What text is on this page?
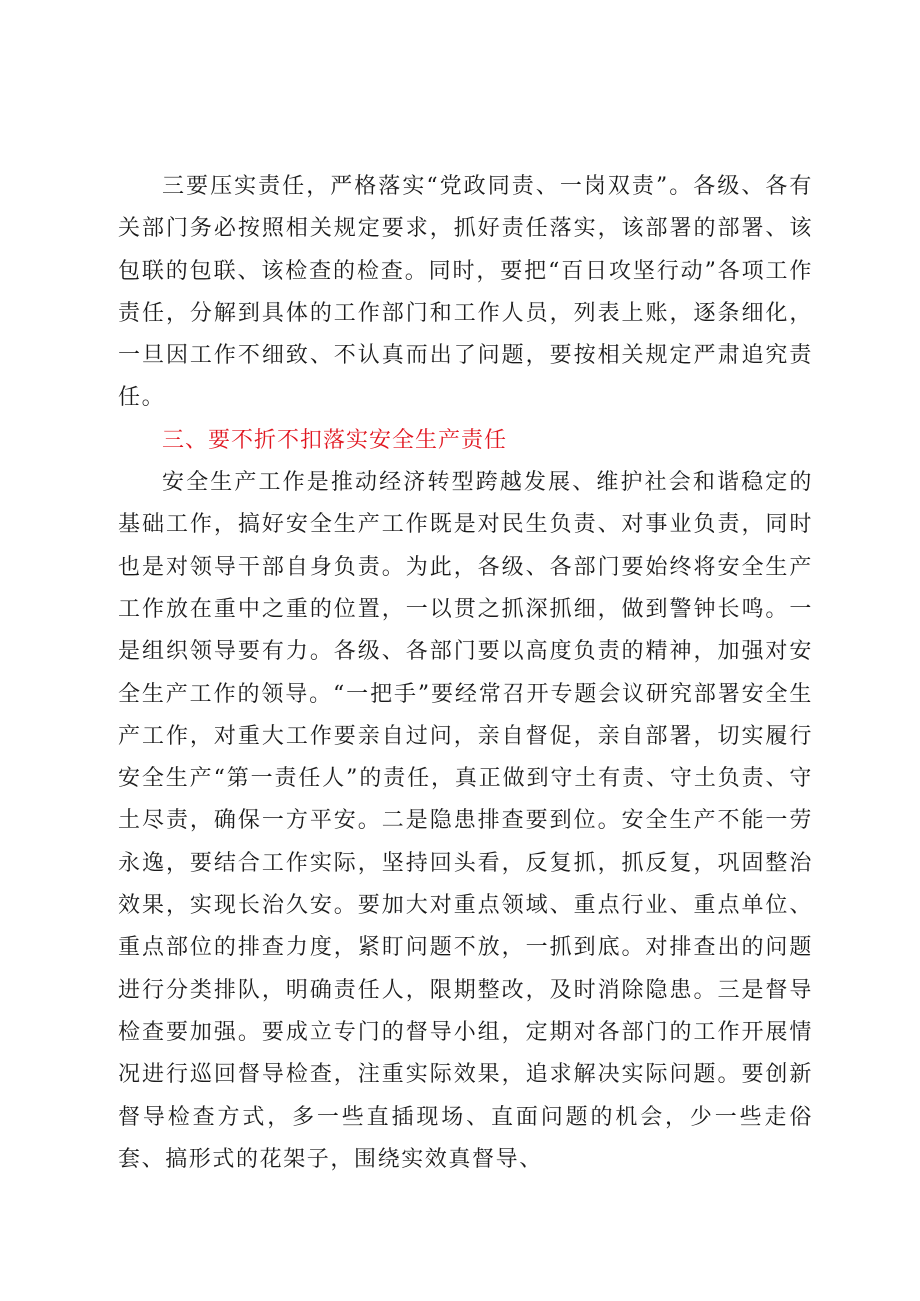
三要压实责任，严格落实“党政同责、一岗双责”。各级、各有关部门务必按照相关规定要求，抓好责任落实，该部署的部署、该包联的包联、该检查的检查。同时，要把“百日攻坚行动”各项工作责任，分解到具体的工作部门和工作人员，列表上账，逐条细化，一旦因工作不细致、不认真而出了问题，要按相关规定严肃追究责任。

三、要不折不扣落实安全生产责任

安全生产工作是推动经济转型跨越发展、维护社会和谐稳定的基础工作，搞好安全生产工作既是对民生负责、对事业负责，同时也是对领导干部自身负责。为此，各级、各部门要始终将安全生产工作放在重中之重的位置，一以贯之抓深抓细，做到警钟长鸣。一是组织领导要有力。各级、各部门要以高度负责的精神，加强对安全生产工作的领导。“一把手”要经常召开专题会议研究部署安全生产工作，对重大工作要亲自过问，亲自督促，亲自部署，切实履行安全生产“第一责任人”的责任，真正做到守土有责、守土负责、守土尽责，确保一方平安。二是隐患排查要到位。安全生产不能一劳永逸，要结合工作实际，坚持回头看，反复抓，抓反复，巩固整治效果，实现长治久安。要加大对重点领域、重点行业、重点单位、重点部位的排查力度，紧盯问题不放，一抓到底。对排查出的问题进行分类排队，明确责任人，限期整改，及时消除隐患。三是督导检查要加强。要成立专门的督导小组，定期对各部门的工作开展情况进行巡回督导检查，注重实际效果，追求解决实际问题。要创新督导检查方式，多一些直插现场、直面问题的机会，少一些走俗套、搞形式的花架子，围绕实效真督导、
